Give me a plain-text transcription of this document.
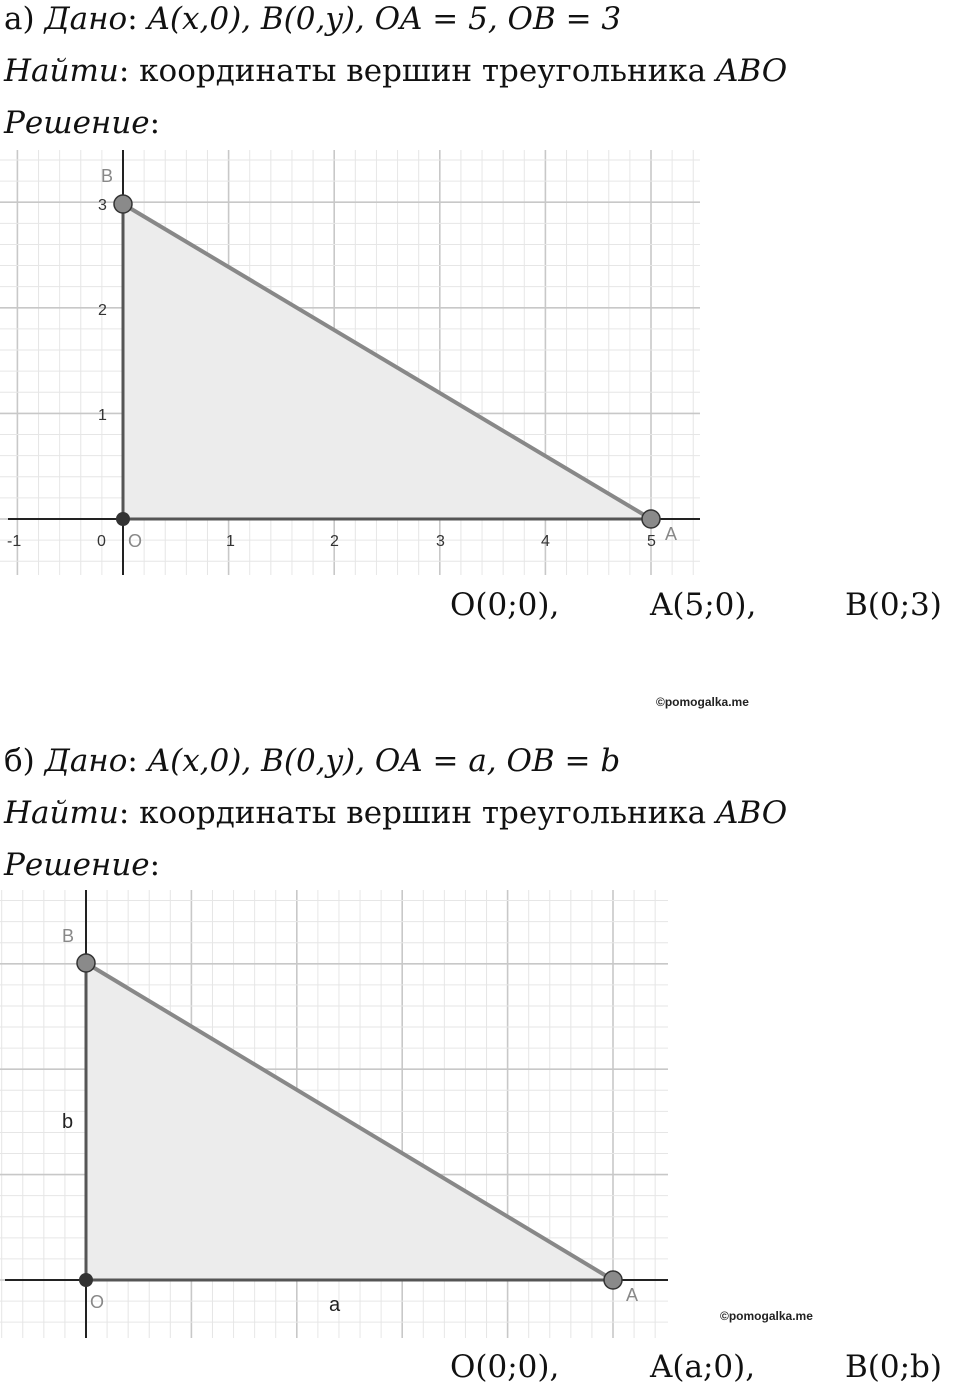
а) Дано: A(x,0), B(0,y), OA = 5, OB = 3
Найти: координаты вершин треугольника ABO
Решение:
B
A
O
-1	0	1	2	3	4	5
1
2
3
O(0;0),	A(5;0),	B(0;3)
©pomogalka.me
б) Дано: A(x,0), B(0,y), OA = a, OB = b
Найти: координаты вершин треугольника ABO
Решение:
B
A
O
b
a
O(0;0),	A(a;0),	B(0;b)
©pomogalka.me
